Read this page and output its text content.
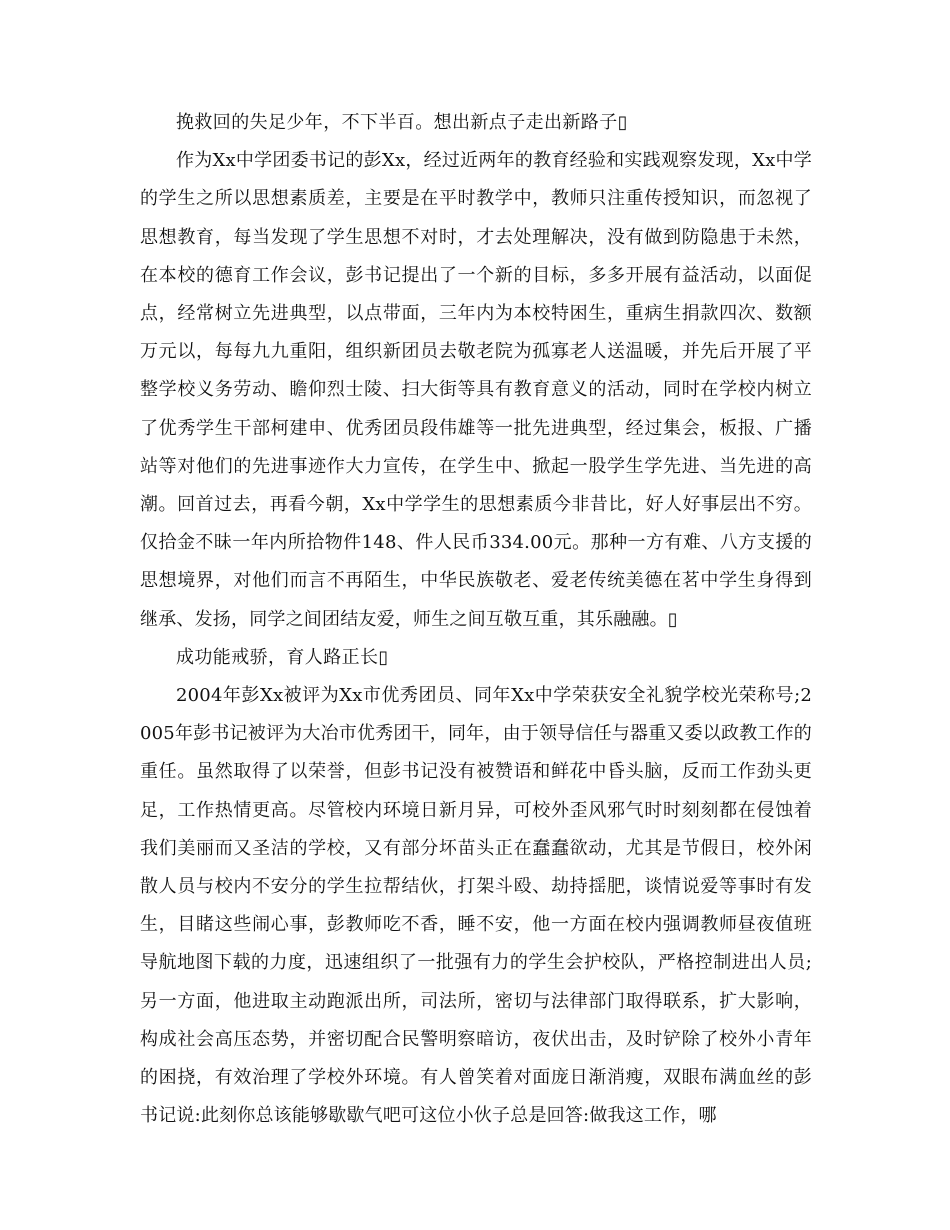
挽救回的失足少年，不下半百。想出新点子走出新路子▯

作为Xx中学团委书记的彭Xx，经过近两年的教育经验和实践观察发现，Xx中学的学生之所以思想素质差，主要是在平时教学中，教师只注重传授知识，而忽视了思想教育，每当发现了学生思想不对时，才去处理解决，没有做到防隐患于未然，在本校的德育工作会议，彭书记提出了一个新的目标，多多开展有益活动，以面促点，经常树立先进典型，以点带面，三年内为本校特困生，重病生捐款四次、数额万元以，每每九九重阳，组织新团员去敬老院为孤寡老人送温暖，并先后开展了平整学校义务劳动、瞻仰烈士陵、扫大街等具有教育意义的活动，同时在学校内树立了优秀学生干部柯建申、优秀团员段伟雄等一批先进典型，经过集会，板报、广播站等对他们的先进事迹作大力宣传，在学生中、掀起一股学生学先进、当先进的高潮。回首过去，再看今朝，Xx中学学生的思想素质今非昔比，好人好事层出不穷。仅拾金不昧一年内所拾物件148、件人民币334.00元。那种一方有难、八方支援的思想境界，对他们而言不再陌生，中华民族敬老、爱老传统美德在茗中学生身得到继承、发扬，同学之间团结友爱，师生之间互敬互重，其乐融融。▯

成功能戒骄，育人路正长▯

2004年彭Xx被评为Xx市优秀团员、同年Xx中学荣获安全礼貌学校光荣称号;2005年彭书记被评为大冶市优秀团干，同年，由于领导信任与器重又委以政教工作的重任。虽然取得了以荣誉，但彭书记没有被赞语和鲜花中昏头脑，反而工作劲头更足，工作热情更高。尽管校内环境日新月异，可校外歪风邪气时时刻刻都在侵蚀着我们美丽而又圣洁的学校，又有部分坏苗头正在蠢蠢欲动，尤其是节假日，校外闲散人员与校内不安分的学生拉帮结伙，打架斗殴、劫持揺肥，谈情说爱等事时有发生，目睹这些闹心事，彭教师吃不香，睡不安，他一方面在校内强调教师昼夜值班导航地图下载的力度，迅速组织了一批强有力的学生会护校队，严格控制进出人员;另一方面，他进取主动跑派出所，司法所，密切与法律部门取得联系，扩大影响，构成社会高压态势，并密切配合民警明察暗访，夜伏出击，及时铲除了校外小青年的困挠，有效治理了学校外环境。有人曾笑着对面庞日渐消瘦，双眼布满血丝的彭书记说:此刻你总该能够歇歇气吧可这位小伙子总是回答:做我这工作，哪
